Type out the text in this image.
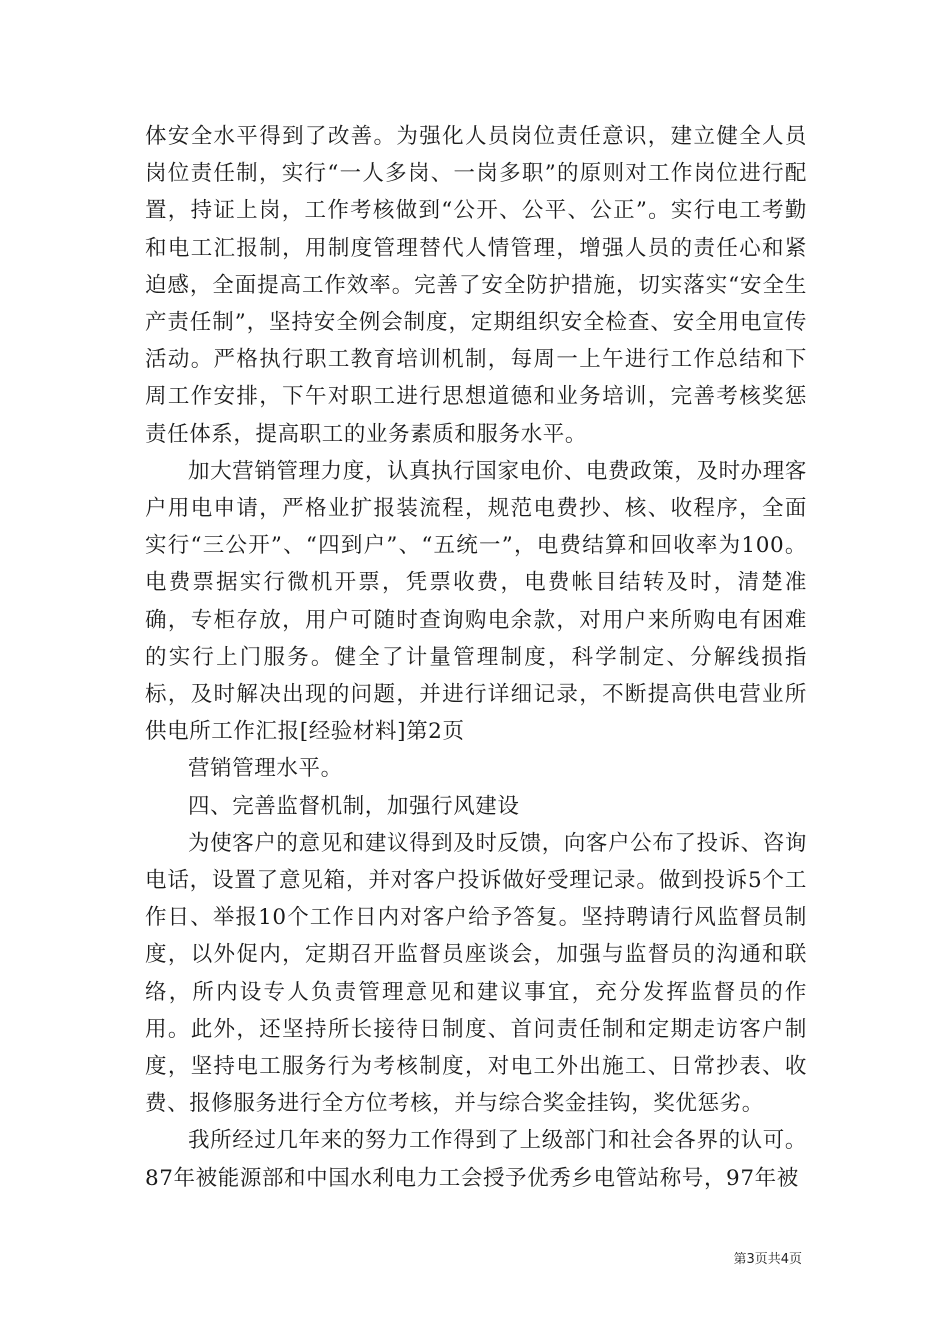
体安全水平得到了改善。为强化人员岗位责任意识，建立健全人员岗位责任制，实行“一人多岗、一岗多职”的原则对工作岗位进行配置，持证上岗，工作考核做到“公开、公平、公正”。实行电工考勤和电工汇报制，用制度管理替代人情管理，增强人员的责任心和紧迫感，全面提高工作效率。完善了安全防护措施，切实落实“安全生产责任制”，坚持安全例会制度，定期组织安全检查、安全用电宣传活动。严格执行职工教育培训机制，每周一上午进行工作总结和下周工作安排，下午对职工进行思想道德和业务培训，完善考核奖惩责任体系，提高职工的业务素质和服务水平。

加大营销管理力度，认真执行国家电价、电费政策，及时办理客户用电申请，严格业扩报装流程，规范电费抄、核、收程序，全面实行“三公开”、“四到户”、“五统一”，电费结算和回收率为100。电费票据实行微机开票，凭票收费，电费帐目结转及时，清楚准确，专柜存放，用户可随时查询购电余款，对用户来所购电有困难的实行上门服务。健全了计量管理制度，科学制定、分解线损指标，及时解决出现的问题，并进行详细记录，不断提高供电营业所供电所工作汇报[经验材料]第2页

营销管理水平。

四、完善监督机制，加强行风建设

为使客户的意见和建议得到及时反馈，向客户公布了投诉、咨询电话，设置了意见箱，并对客户投诉做好受理记录。做到投诉5个工作日、举报10个工作日内对客户给予答复。坚持聘请行风监督员制度，以外促内，定期召开监督员座谈会，加强与监督员的沟通和联络，所内设专人负责管理意见和建议事宜，充分发挥监督员的作用。此外，还坚持所长接待日制度、首问责任制和定期走访客户制度，坚持电工服务行为考核制度，对电工外出施工、日常抄表、收费、报修服务进行全方位考核，并与综合奖金挂钩，奖优惩劣。

我所经过几年来的努力工作得到了上级部门和社会各界的认可。87年被能源部和中国水利电力工会授予优秀乡电管站称号，97年被

第3页共4页
